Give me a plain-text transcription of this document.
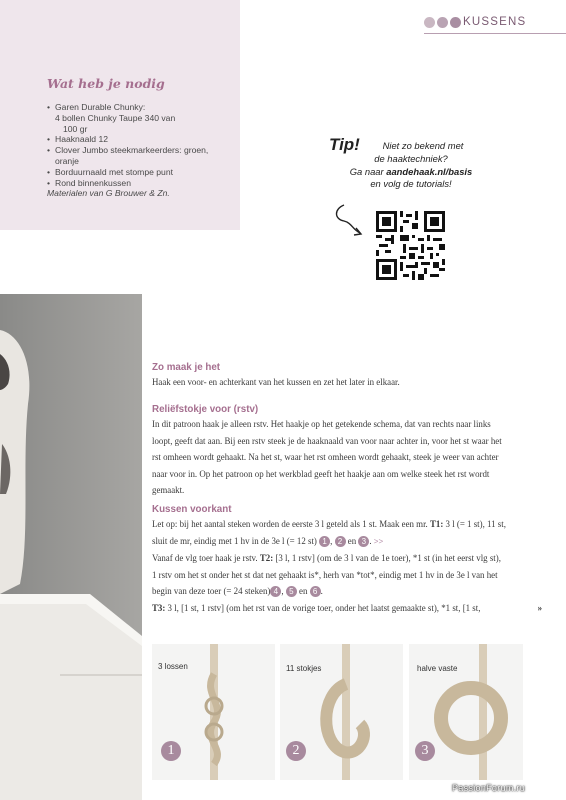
KUSSENS
Wat heb je nodig
• Garen Durable Chunky:
4 bollen Chunky Taupe 340 van
100 gr
• Haaknaald 12
• Clover Jumbo steekmarkeerders: groen,
oranje
• Borduurnaald met stompe punt
• Rond binnenkussen
Materialen van G Brouwer & Zn.
Tip!	Niet zo bekend met
de haaktechniek?
Ga naar aandehaak.nl/basis
en volg de tutorials!
Zo maak je het
Haak een voor- en achterkant van het kussen en zet het later in elkaar.
Reliëfstokje voor (rstv)
In dit patroon haak je alleen rstv. Het haakje op het getekende schema, dat van rechts naar links
loopt, geeft dat aan. Bij een rstv steek je de haaknaald van voor naar achter in, voor het st waar het
rst omheen wordt gehaakt. Na het st, waar het rst omheen wordt gehaakt, steek je weer van achter
naar voor in. Op het patroon op het werkblad geeft het haakje aan om welke steek het rst wordt
gemaakt.
Kussen voorkant
Let op: bij het aantal steken worden de eerste 3 l geteld als 1 st. Maak een mr. T1: 3 l (= 1 st), 11 st,
sluit de mr, eindig met 1 hv in de 3e l (= 12 st) 1 , 2 en 3 . >>
Vanaf de vlg toer haak je rstv. T2: [3 l, 1 rstv] (om de 3 l van de 1e toer), *1 st (in het eerst vlg st),
1 rstv om het st onder het st dat net gehaakt is*, herh van *tot*, eindig met 1 hv in de 3e l van het
begin van deze toer (= 24 steken) 4 , 5 en 6 .
T3: 3 l, [1 st, 1 rstv] (om het rst van de vorige toer, onder het laatst gemaakte st), *1 st, [1 st,	»
3 lossen
1
11 stokjes
2
halve vaste
3
PassionForum.ru
